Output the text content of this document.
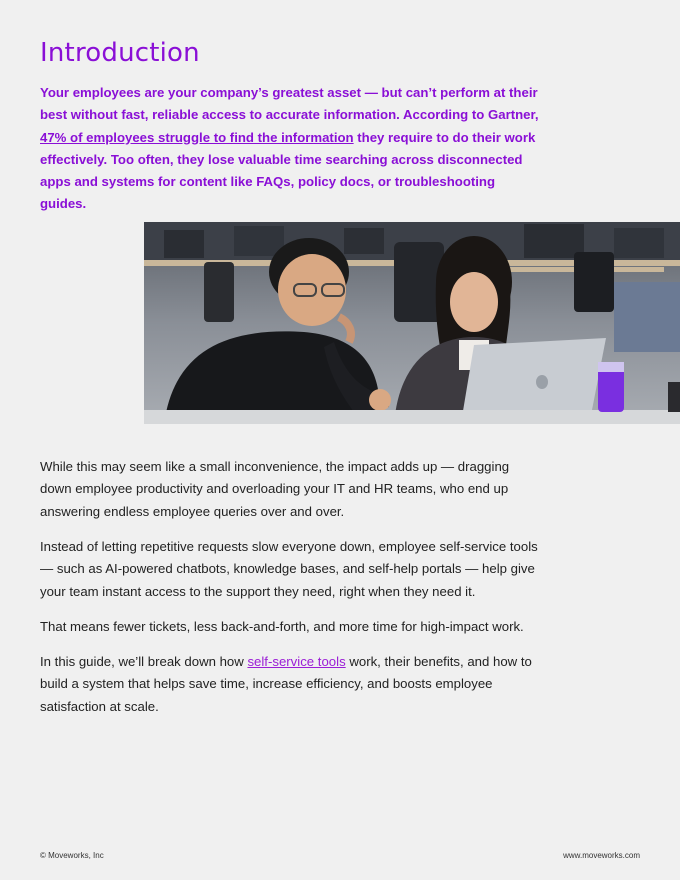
Introduction

Your employees are your company’s greatest asset — but can’t perform at their best without fast, reliable access to accurate information. According to Gartner, 47% of employees struggle to find the information they require to do their work effectively. Too often, they lose valuable time searching across disconnected apps and systems for content like FAQs, policy docs, or troubleshooting guides.

While this may seem like a small inconvenience, the impact adds up — dragging down employee productivity and overloading your IT and HR teams, who end up answering endless employee queries over and over.

Instead of letting repetitive requests slow everyone down, employee self-service tools — such as AI-powered chatbots, knowledge bases, and self-help portals — help give your team instant access to the support they need, right when they need it.

That means fewer tickets, less back-and-forth, and more time for high-impact work.

In this guide, we’ll break down how self-service tools work, their benefits, and how to build a system that helps save time, increase efficiency, and boosts employee satisfaction at scale.

© Moveworks, Inc	www.moveworks.com
